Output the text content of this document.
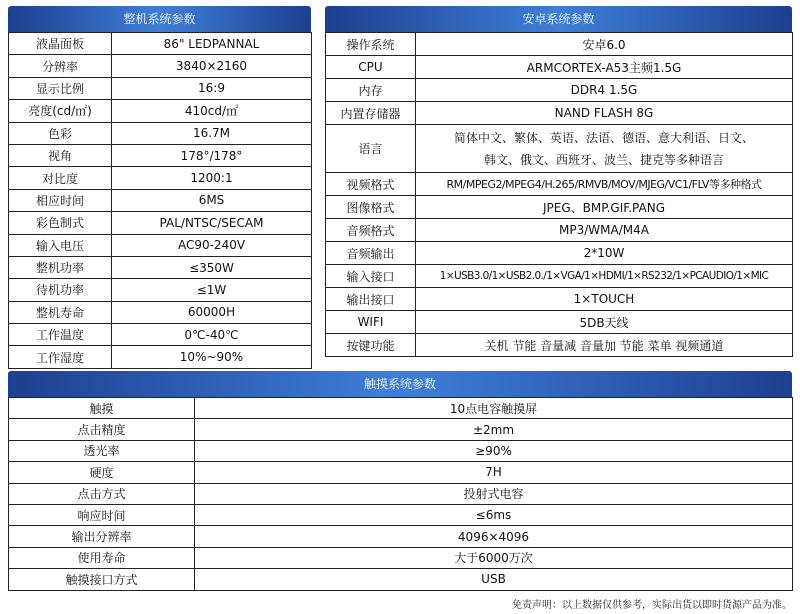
整机系统参数
液晶面板	86" LEDPANNAL
分辨率	3840×2160
显示比例	16:9
亮度(cd/㎡)	410cd/㎡
色彩	16.7M
视角	178°/178°
对比度	1200:1
相应时间	6MS
彩色制式	PAL/NTSC/SECAM
输入电压	AC90-240V
整机功率	≤350W
待机功率	≤1W
整机寿命	60000H
工作温度	0℃-40℃
工作湿度	10%~90%
安卓系统参数
操作系统	安卓6.0
CPU	ARMCORTEX-A53主频1.5G
内存	DDR4 1.5G
内置存储器	NAND FLASH 8G
语言	简体中文、繁体、英语、法语、德语、意大利语、日文、
韩文、俄文、西班牙、波兰、捷克等多种语言
视频格式	RM/MPEG2/MPEG4/H.265/RMVB/MOV/MJEG/VC1/FLV等多种格式
图像格式	JPEG、BMP.GIF.PANG
音频格式	MP3/WMA/M4A
音频输出	2*10W
输入接口	1×USB3.0/1×USB2.0./1×VGA/1×HDMI/1×RS232/1×PCAUDIO/1×MIC
输出接口	1×TOUCH
WIFI	5DB天线
按键功能	关机 节能 音量减 音量加 节能 菜单 视频通道
触摸系统参数
触摸	10点电容触摸屏
点击精度	±2mm
透光率	≥90%
硬度	7H
点击方式	投射式电容
响应时间	≤6ms
输出分辨率	4096×4096
使用寿命	大于6000万次
触摸接口方式	USB
免责声明：以上数据仅供参考，实际出货以即时货源产品为准。
